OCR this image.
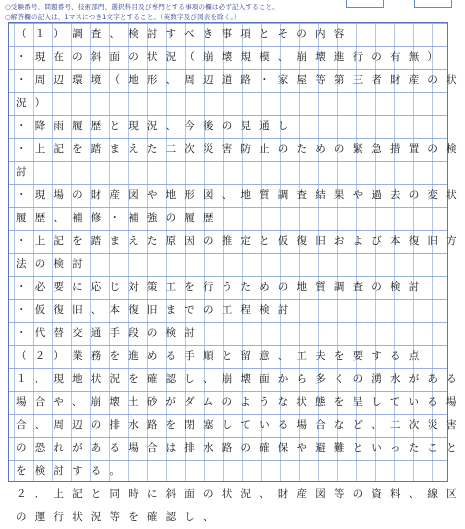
○受験番号、問題番号、技術部門、選択科目及び専門とする事項の欄は必ず記入すること。
○解答欄の記入は、1マスにつき1文字とすること。（英数字及び図表を除く。）
（１）調査、検討すべき事項とその内容
・現在の斜面の状況（崩壊規模、崩壊進行の有無）
・周辺環境（地形、周辺道路・家屋等第三者財産の状
況）
・降雨履歴と現況、今後の見通し
・上記を踏まえた二次災害防止のための緊急措置の検
討
・現場の財産図や地形図、地質調査結果や過去の変状
履歴、補修・補強の履歴
・上記を踏まえた原因の推定と仮復旧および本復旧方
法の検討
・必要に応じ対策工を行うための地質調査の検討
・仮復旧、本復旧までの工程検討
・代替交通手段の検討
（２）業務を進める手順と留意、工夫を要する点
１．現地状況を確認し、崩壊面から多くの湧水がある
場合や、崩壊土砂がダムのような状態を呈している場
合、周辺の排水路を閉塞している場合など、二次災害
の恐れがある場合は排水路の確保や避難といったこと
を検討する。
２．上記と同時に斜面の状況、財産図等の資料、線区
の運行状況等を確認し、
